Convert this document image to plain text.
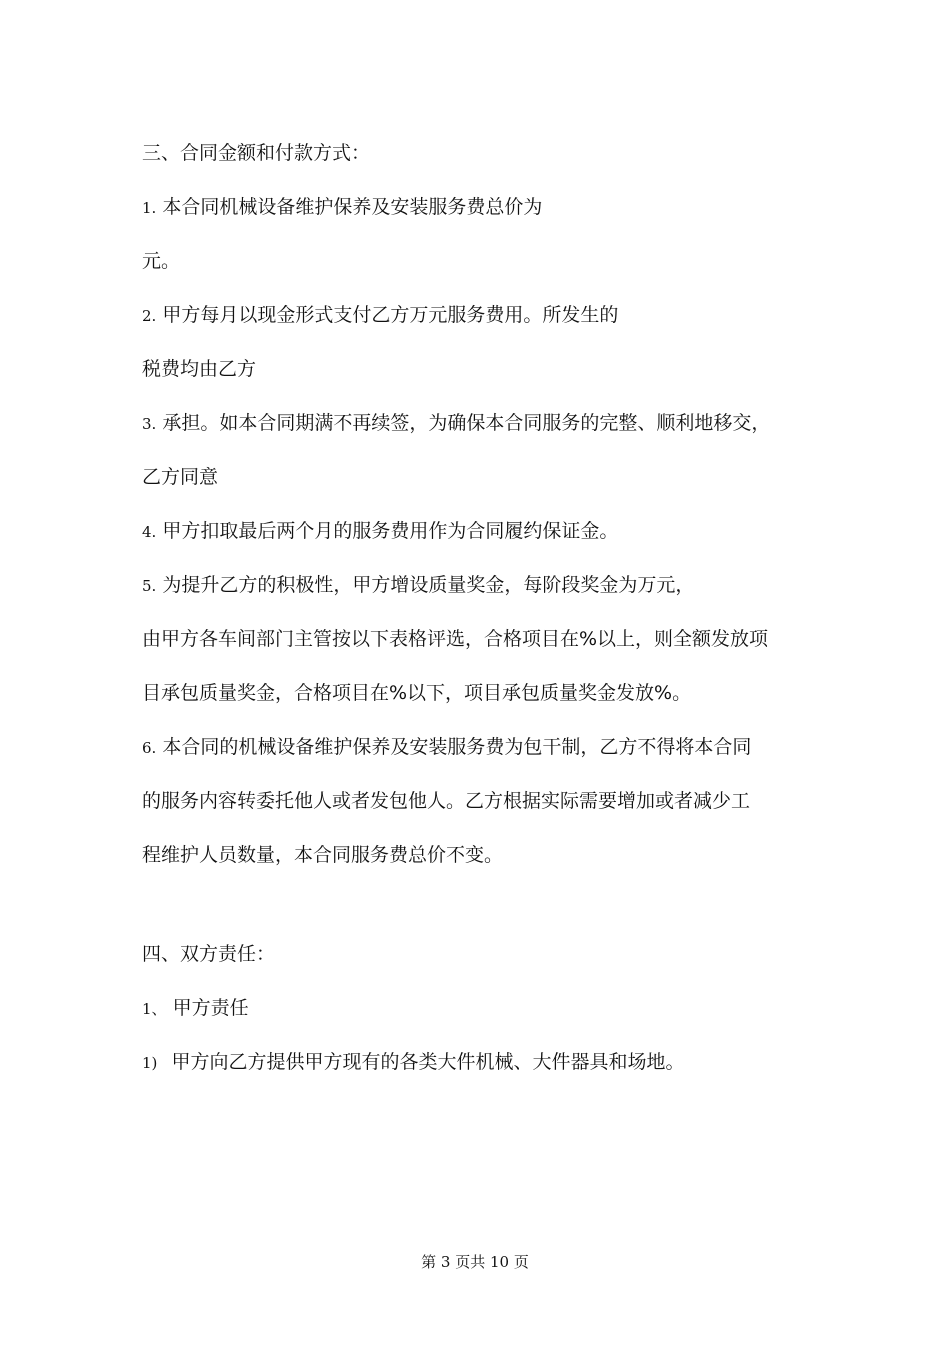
三、合同金额和付款方式：
1. 本合同机械设备维护保养及安装服务费总价为
元。
2. 甲方每月以现金形式支付乙方万元服务费用。所发生的
税费均由乙方
3. 承担。如本合同期满不再续签，为确保本合同服务的完整、顺利地移交，
乙方同意
4. 甲方扣取最后两个月的服务费用作为合同履约保证金。
5. 为提升乙方的积极性，甲方增设质量奖金，每阶段奖金为万元，
由甲方各车间部门主管按以下表格评选，合格项目在%以上，则全额发放项
目承包质量奖金，合格项目在%以下，项目承包质量奖金发放%。
6. 本合同的机械设备维护保养及安装服务费为包干制，乙方不得将本合同
的服务内容转委托他人或者发包他人。乙方根据实际需要增加或者减少工
程维护人员数量，本合同服务费总价不变。
四、双方责任：
1、 甲方责任
1) 甲方向乙方提供甲方现有的各类大件机械、大件器具和场地。
第 3 页共 10 页
